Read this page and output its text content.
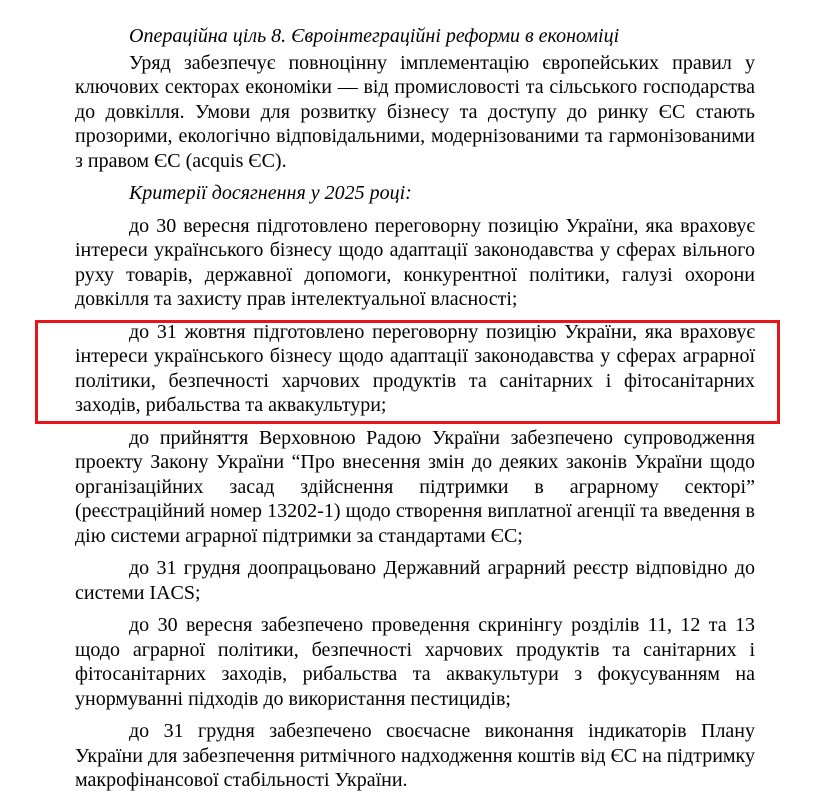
Операційна ціль 8. Євроінтеграційні реформи в економіці

Уряд забезпечує повноцінну імплементацію європейських правил у ключових секторах економіки — від промисловості та сільського господарства до довкілля. Умови для розвитку бізнесу та доступу до ринку ЄС стають прозорими, екологічно відповідальними, модернізованими та гармонізованими з правом ЄС (acquis ЄС).

Критерії досягнення у 2025 році:

до 30 вересня підготовлено переговорну позицію України, яка враховує інтереси українського бізнесу щодо адаптації законодавства у сферах вільного руху товарів, державної допомоги, конкурентної політики, галузі охорони довкілля та захисту прав інтелектуальної власності;

до 31 жовтня підготовлено переговорну позицію України, яка враховує інтереси українського бізнесу щодо адаптації законодавства у сферах аграрної політики, безпечності харчових продуктів та санітарних і фітосанітарних заходів, рибальства та аквакультури;

до прийняття Верховною Радою України забезпечено супроводження проекту Закону України “Про внесення змін до деяких законів України щодо організаційних засад здійснення підтримки в аграрному секторі” (реєстраційний номер 13202-1) щодо створення виплатної агенції та введення в дію системи аграрної підтримки за стандартами ЄС;

до 31 грудня доопрацьовано Державний аграрний реєстр відповідно до системи IACS;

до 30 вересня забезпечено проведення скринінгу розділів 11, 12 та 13 щодо аграрної політики, безпечності харчових продуктів та санітарних і фітосанітарних заходів, рибальства та аквакультури з фокусуванням на унормуванні підходів до використання пестицидів;

до 31 грудня забезпечено своєчасне виконання індикаторів Плану України для забезпечення ритмічного надходження коштів від ЄС на підтримку макрофінансової стабільності України.
